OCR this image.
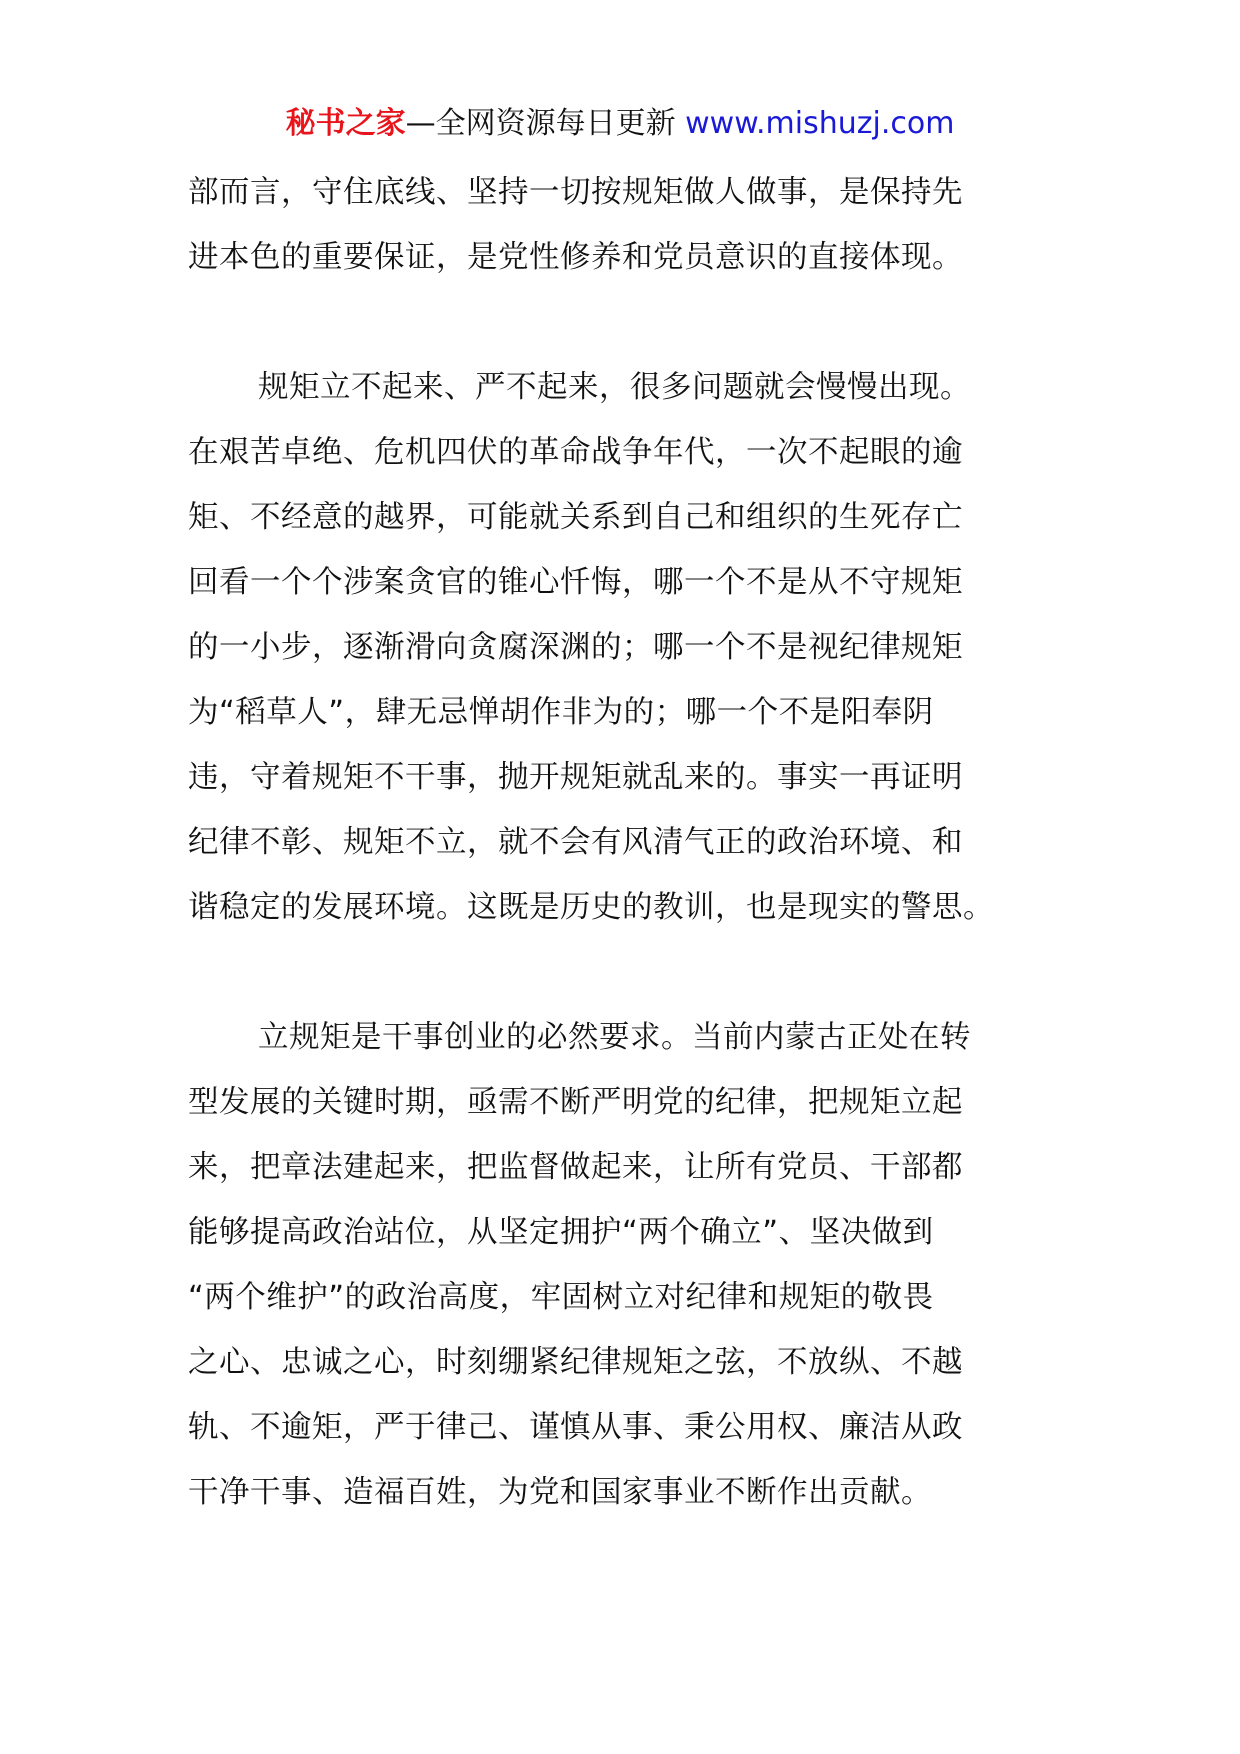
秘书之家—全网资源每日更新 www.mishuzj.com
部而言，守住底线、坚持一切按规矩做人做事，是保持先
进本色的重要保证，是党性修养和党员意识的直接体现。
规矩立不起来、严不起来，很多问题就会慢慢出现。
在艰苦卓绝、危机四伏的革命战争年代，一次不起眼的逾
矩、不经意的越界，可能就关系到自己和组织的生死存亡
回看一个个涉案贪官的锥心忏悔，哪一个不是从不守规矩
的一小步，逐渐滑向贪腐深渊的；哪一个不是视纪律规矩
为“稻草人”，肆无忌惮胡作非为的；哪一个不是阳奉阴
违，守着规矩不干事，抛开规矩就乱来的。事实一再证明
纪律不彰、规矩不立，就不会有风清气正的政治环境、和
谐稳定的发展环境。这既是历史的教训，也是现实的警思。
立规矩是干事创业的必然要求。当前内蒙古正处在转
型发展的关键时期，亟需不断严明党的纪律，把规矩立起
来，把章法建起来，把监督做起来，让所有党员、干部都
能够提高政治站位，从坚定拥护“两个确立”、坚决做到
“两个维护”的政治高度，牢固树立对纪律和规矩的敬畏
之心、忠诚之心，时刻绷紧纪律规矩之弦，不放纵、不越
轨、不逾矩，严于律己、谨慎从事、秉公用权、廉洁从政
干净干事、造福百姓，为党和国家事业不断作出贡献。
